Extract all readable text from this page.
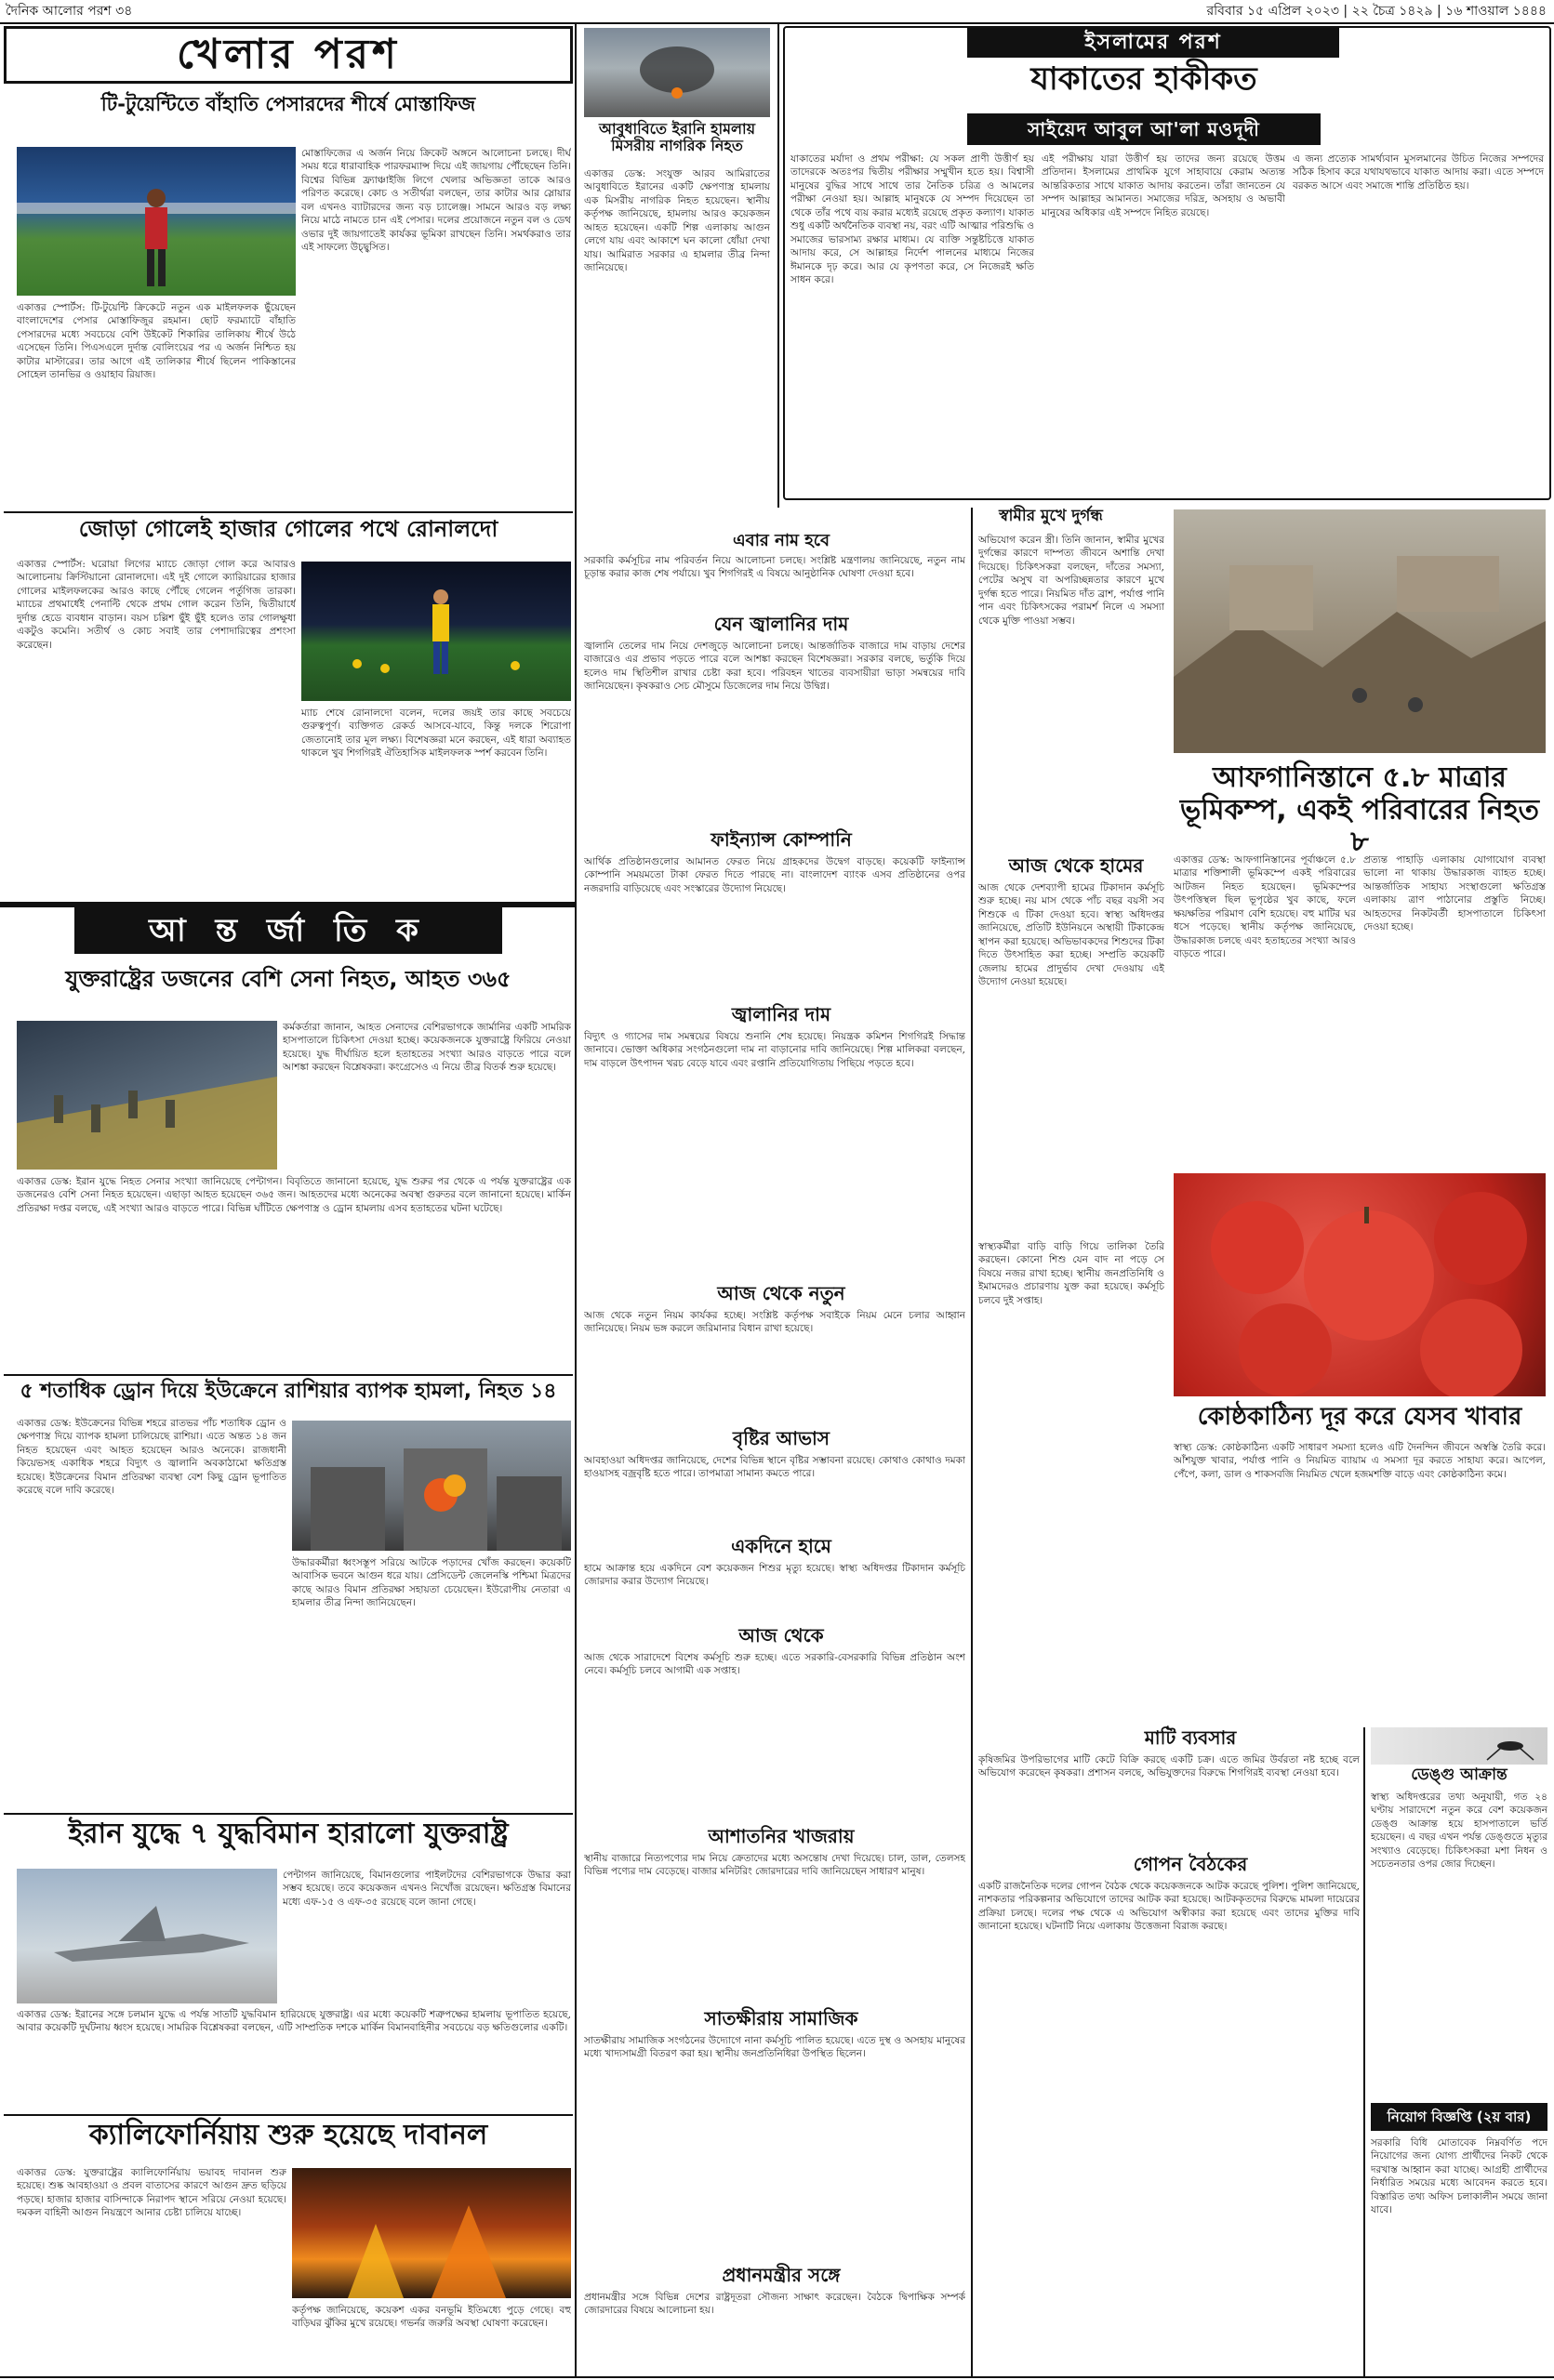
দৈনিক আলোর পরশ ৩৪	রবিবার ১৫ এপ্রিল ২০২৩ | ২২ চৈত্র ১৪২৯ | ১৬ শাওয়াল ১৪৪৪
খেলার পরশ
টি-টুয়েন্টিতে বাঁহাতি পেসারদের শীর্ষে মোস্তাফিজ
একাত্তর স্পোর্টস: টি-টুয়েন্টি ক্রিকেটে নতুন এক মাইলফলক ছুঁয়েছেন বাংলাদেশের পেসার মোস্তাফিজুর রহমান। ছোট ফরম্যাটে বাঁহাতি পেসারদের মধ্যে সবচেয়ে বেশি উইকেট শিকারির তালিকায় শীর্ষে উঠে এসেছেন তিনি। পিএসএলে দুর্দান্ত বোলিংয়ের পর এ অর্জন নিশ্চিত হয় কাটার মাস্টারের। তার আগে এই তালিকার শীর্ষে ছিলেন পাকিস্তানের সোহেল তানভির ও ওয়াহাব রিয়াজ।
মোস্তাফিজের এ অর্জন নিয়ে ক্রিকেট অঙ্গনে আলোচনা চলছে। দীর্ঘ সময় ধরে ধারাবাহিক পারফরম্যান্স দিয়ে এই জায়গায় পৌঁছেছেন তিনি। বিশ্বের বিভিন্ন ফ্র্যাঞ্চাইজি লিগে খেলার অভিজ্ঞতা তাকে আরও পরিণত করেছে। কোচ ও সতীর্থরা বলছেন, তার কাটার আর স্লোয়ার বল এখনও ব্যাটারদের জন্য বড় চ্যালেঞ্জ। সামনে আরও বড় লক্ষ্য নিয়ে মাঠে নামতে চান এই পেসার। দলের প্রয়োজনে নতুন বল ও ডেথ ওভার দুই জায়গাতেই কার্যকর ভূমিকা রাখছেন তিনি। সমর্থকরাও তার এই সাফল্যে উচ্ছ্বসিত।
জোড়া গোলেই হাজার গোলের পথে রোনালদো
একাত্তর স্পোর্টস: ঘরোয়া লিগের ম্যাচে জোড়া গোল করে আবারও আলোচনায় ক্রিস্টিয়ানো রোনালদো। এই দুই গোলে ক্যারিয়ারের হাজার গোলের মাইলফলকের আরও কাছে পৌঁছে গেলেন পর্তুগিজ তারকা। ম্যাচের প্রথমার্ধেই পেনাল্টি থেকে প্রথম গোল করেন তিনি, দ্বিতীয়ার্ধে দুর্দান্ত হেডে ব্যবধান বাড়ান। বয়স চল্লিশ ছুঁই ছুঁই হলেও তার গোলক্ষুধা একটুও কমেনি। সতীর্থ ও কোচ সবাই তার পেশাদারিত্বের প্রশংসা করেছেন।
ম্যাচ শেষে রোনালদো বলেন, দলের জয়ই তার কাছে সবচেয়ে গুরুত্বপূর্ণ। ব্যক্তিগত রেকর্ড আসবে-যাবে, কিন্তু দলকে শিরোপা জেতানোই তার মূল লক্ষ্য। বিশেষজ্ঞরা মনে করছেন, এই ধারা অব্যাহত থাকলে খুব শিগগিরই ঐতিহাসিক মাইলফলক স্পর্শ করবেন তিনি।
আ ন্ত র্জা তি ক
যুক্তরাষ্ট্রের ডজনের বেশি সেনা নিহত, আহত ৩৬৫
কর্মকর্তারা জানান, আহত সেনাদের বেশিরভাগকে জার্মানির একটি সামরিক হাসপাতালে চিকিৎসা দেওয়া হচ্ছে। কয়েকজনকে যুক্তরাষ্ট্রে ফিরিয়ে নেওয়া হয়েছে। যুদ্ধ দীর্ঘায়িত হলে হতাহতের সংখ্যা আরও বাড়তে পারে বলে আশঙ্কা করছেন বিশ্লেষকরা। কংগ্রেসেও এ নিয়ে তীব্র বিতর্ক শুরু হয়েছে।
একাত্তর ডেস্ক: ইরান যুদ্ধে নিহত সেনার সংখ্যা জানিয়েছে পেন্টাগন। বিবৃতিতে জানানো হয়েছে, যুদ্ধ শুরুর পর থেকে এ পর্যন্ত যুক্তরাষ্ট্রের এক ডজনেরও বেশি সেনা নিহত হয়েছেন। এছাড়া আহত হয়েছেন ৩৬৫ জন। আহতদের মধ্যে অনেকের অবস্থা গুরুতর বলে জানানো হয়েছে। মার্কিন প্রতিরক্ষা দপ্তর বলছে, এই সংখ্যা আরও বাড়তে পারে। বিভিন্ন ঘাঁটিতে ক্ষেপণাস্ত্র ও ড্রোন হামলায় এসব হতাহতের ঘটনা ঘটেছে।
৫ শতাধিক ড্রোন দিয়ে ইউক্রেনে রাশিয়ার ব্যাপক হামলা, নিহত ১৪
একাত্তর ডেস্ক: ইউক্রেনের বিভিন্ন শহরে রাতভর পাঁচ শতাধিক ড্রোন ও ক্ষেপণাস্ত্র দিয়ে ব্যাপক হামলা চালিয়েছে রাশিয়া। এতে অন্তত ১৪ জন নিহত হয়েছেন এবং আহত হয়েছেন আরও অনেকে। রাজধানী কিয়েভসহ একাধিক শহরে বিদ্যুৎ ও জ্বালানি অবকাঠামো ক্ষতিগ্রস্ত হয়েছে। ইউক্রেনের বিমান প্রতিরক্ষা ব্যবস্থা বেশ কিছু ড্রোন ভূপাতিত করেছে বলে দাবি করেছে।
উদ্ধারকর্মীরা ধ্বংসস্তূপ সরিয়ে আটকে পড়াদের খোঁজ করছেন। কয়েকটি আবাসিক ভবনে আগুন ধরে যায়। প্রেসিডেন্ট জেলেনস্কি পশ্চিমা মিত্রদের কাছে আরও বিমান প্রতিরক্ষা সহায়তা চেয়েছেন। ইউরোপীয় নেতারা এ হামলার তীব্র নিন্দা জানিয়েছেন।
ইরান যুদ্ধে ৭ যুদ্ধবিমান হারালো যুক্তরাষ্ট্র
পেন্টাগন জানিয়েছে, বিমানগুলোর পাইলটদের বেশিরভাগকে উদ্ধার করা সম্ভব হয়েছে। তবে কয়েকজন এখনও নিখোঁজ রয়েছেন। ক্ষতিগ্রস্ত বিমানের মধ্যে এফ-১৫ ও এফ-৩৫ রয়েছে বলে জানা গেছে।
একাত্তর ডেস্ক: ইরানের সঙ্গে চলমান যুদ্ধে এ পর্যন্ত সাতটি যুদ্ধবিমান হারিয়েছে যুক্তরাষ্ট্র। এর মধ্যে কয়েকটি শত্রুপক্ষের হামলায় ভূপাতিত হয়েছে, আবার কয়েকটি দুর্ঘটনায় ধ্বংস হয়েছে। সামরিক বিশ্লেষকরা বলছেন, এটি সাম্প্রতিক দশকে মার্কিন বিমানবাহিনীর সবচেয়ে বড় ক্ষতিগুলোর একটি।
ক্যালিফোর্নিয়ায় শুরু হয়েছে দাবানল
একাত্তর ডেস্ক: যুক্তরাষ্ট্রের ক্যালিফোর্নিয়ায় ভয়াবহ দাবানল শুরু হয়েছে। শুষ্ক আবহাওয়া ও প্রবল বাতাসের কারণে আগুন দ্রুত ছড়িয়ে পড়ছে। হাজার হাজার বাসিন্দাকে নিরাপদ স্থানে সরিয়ে নেওয়া হয়েছে। দমকল বাহিনী আগুন নিয়ন্ত্রণে আনার চেষ্টা চালিয়ে যাচ্ছে।
কর্তৃপক্ষ জানিয়েছে, কয়েকশ একর বনভূমি ইতিমধ্যে পুড়ে গেছে। বহু বাড়িঘর ঝুঁকির মুখে রয়েছে। গভর্নর জরুরি অবস্থা ঘোষণা করেছেন।
আবুধাবিতে ইরানি হামলায় মিসরীয় নাগরিক নিহত
একাত্তর ডেস্ক: সংযুক্ত আরব আমিরাতের আবুধাবিতে ইরানের একটি ক্ষেপণাস্ত্র হামলায় এক মিসরীয় নাগরিক নিহত হয়েছেন। স্থানীয় কর্তৃপক্ষ জানিয়েছে, হামলায় আরও কয়েকজন আহত হয়েছেন। একটি শিল্প এলাকায় আগুন লেগে যায় এবং আকাশে ঘন কালো ধোঁয়া দেখা যায়। আমিরাত সরকার এ হামলার তীব্র নিন্দা জানিয়েছে।
ইসলামের পরশ
যাকাতের হাকীকত
সাইয়েদ আবুল আ'লা মওদূদী
যাকাতের মর্যাদা ও প্রথম পরীক্ষা: যে সকল প্রাণী উত্তীর্ণ হয় তাদেরকে অতঃপর দ্বিতীয় পরীক্ষার সম্মুখীন হতে হয়। বিশ্বাসী মানুষের বুদ্ধির সাথে সাথে তার নৈতিক চরিত্র ও আমলের পরীক্ষা নেওয়া হয়। আল্লাহ মানুষকে যে সম্পদ দিয়েছেন তা থেকে তাঁর পথে ব্যয় করার মধ্যেই রয়েছে প্রকৃত কল্যাণ। যাকাত শুধু একটি অর্থনৈতিক ব্যবস্থা নয়, বরং এটি আত্মার পরিশুদ্ধি ও সমাজের ভারসাম্য রক্ষার মাধ্যম। যে ব্যক্তি সন্তুষ্টচিত্তে যাকাত আদায় করে, সে আল্লাহর নির্দেশ পালনের মাধ্যমে নিজের ঈমানকে দৃঢ় করে। আর যে কৃপণতা করে, সে নিজেরই ক্ষতি সাধন করে।
এই পরীক্ষায় যারা উত্তীর্ণ হয় তাদের জন্য রয়েছে উত্তম প্রতিদান। ইসলামের প্রাথমিক যুগে সাহাবায়ে কেরাম অত্যন্ত আন্তরিকতার সাথে যাকাত আদায় করতেন। তাঁরা জানতেন যে সম্পদ আল্লাহর আমানত। সমাজের দরিদ্র, অসহায় ও অভাবী মানুষের অধিকার এই সম্পদে নিহিত রয়েছে।
এ জন্য প্রত্যেক সামর্থ্যবান মুসলমানের উচিত নিজের সম্পদের সঠিক হিসাব করে যথাযথভাবে যাকাত আদায় করা। এতে সম্পদে বরকত আসে এবং সমাজে শান্তি প্রতিষ্ঠিত হয়।
স্বামীর মুখে দুর্গন্ধ
এবার নাম হবে
সরকারি কর্মসূচির নাম পরিবর্তন নিয়ে আলোচনা চলছে। সংশ্লিষ্ট মন্ত্রণালয় জানিয়েছে, নতুন নাম চূড়ান্ত করার কাজ শেষ পর্যায়ে। খুব শিগগিরই এ বিষয়ে আনুষ্ঠানিক ঘোষণা দেওয়া হবে।
যেন জ্বালানির দাম
জ্বালানি তেলের দাম নিয়ে দেশজুড়ে আলোচনা চলছে। আন্তর্জাতিক বাজারে দাম বাড়ায় দেশের বাজারেও এর প্রভাব পড়তে পারে বলে আশঙ্কা করছেন বিশেষজ্ঞরা। সরকার বলছে, ভর্তুকি দিয়ে হলেও দাম স্থিতিশীল রাখার চেষ্টা করা হবে। পরিবহন খাতের ব্যবসায়ীরা ভাড়া সমন্বয়ের দাবি জানিয়েছেন। কৃষকরাও সেচ মৌসুমে ডিজেলের দাম নিয়ে উদ্বিগ্ন।
ফাইন্যান্স কোম্পানি
আর্থিক প্রতিষ্ঠানগুলোর আমানত ফেরত নিয়ে গ্রাহকদের উদ্বেগ বাড়ছে। কয়েকটি ফাইন্যান্স কোম্পানি সময়মতো টাকা ফেরত দিতে পারছে না। বাংলাদেশ ব্যাংক এসব প্রতিষ্ঠানের ওপর নজরদারি বাড়িয়েছে এবং সংস্কারের উদ্যোগ নিয়েছে।
জ্বালানির দাম
বিদ্যুৎ ও গ্যাসের দাম সমন্বয়ের বিষয়ে শুনানি শেষ হয়েছে। নিয়ন্ত্রক কমিশন শিগগিরই সিদ্ধান্ত জানাবে। ভোক্তা অধিকার সংগঠনগুলো দাম না বাড়ানোর দাবি জানিয়েছে। শিল্প মালিকরা বলছেন, দাম বাড়লে উৎপাদন খরচ বেড়ে যাবে এবং রপ্তানি প্রতিযোগিতায় পিছিয়ে পড়তে হবে।
আজ থেকে নতুন
আজ থেকে নতুন নিয়ম কার্যকর হচ্ছে। সংশ্লিষ্ট কর্তৃপক্ষ সবাইকে নিয়ম মেনে চলার আহ্বান জানিয়েছে। নিয়ম ভঙ্গ করলে জরিমানার বিধান রাখা হয়েছে।
বৃষ্টির আভাস
আবহাওয়া অধিদপ্তর জানিয়েছে, দেশের বিভিন্ন স্থানে বৃষ্টির সম্ভাবনা রয়েছে। কোথাও কোথাও দমকা হাওয়াসহ বজ্রবৃষ্টি হতে পারে। তাপমাত্রা সামান্য কমতে পারে।
একদিনে হামে
হামে আক্রান্ত হয়ে একদিনে বেশ কয়েকজন শিশুর মৃত্যু হয়েছে। স্বাস্থ্য অধিদপ্তর টিকাদান কর্মসূচি জোরদার করার উদ্যোগ নিয়েছে।
আজ থেকে
আজ থেকে সারাদেশে বিশেষ কর্মসূচি শুরু হচ্ছে। এতে সরকারি-বেসরকারি বিভিন্ন প্রতিষ্ঠান অংশ নেবে। কর্মসূচি চলবে আগামী এক সপ্তাহ।
আশাতনির খাজরায়
স্থানীয় বাজারে নিত্যপণ্যের দাম নিয়ে ক্রেতাদের মধ্যে অসন্তোষ দেখা দিয়েছে। চাল, ডাল, তেলসহ বিভিন্ন পণ্যের দাম বেড়েছে। বাজার মনিটরিং জোরদারের দাবি জানিয়েছেন সাধারণ মানুষ।
সাতক্ষীরায় সামাজিক
সাতক্ষীরায় সামাজিক সংগঠনের উদ্যোগে নানা কর্মসূচি পালিত হয়েছে। এতে দুস্থ ও অসহায় মানুষের মধ্যে খাদ্যসামগ্রী বিতরণ করা হয়। স্থানীয় জনপ্রতিনিধিরা উপস্থিত ছিলেন।
প্রধানমন্ত্রীর সঙ্গে
প্রধানমন্ত্রীর সঙ্গে বিভিন্ন দেশের রাষ্ট্রদূতরা সৌজন্য সাক্ষাৎ করেছেন। বৈঠকে দ্বিপাক্ষিক সম্পর্ক জোরদারের বিষয়ে আলোচনা হয়।
অভিযোগ করেন স্ত্রী। তিনি জানান, স্বামীর মুখের দুর্গন্ধের কারণে দাম্পত্য জীবনে অশান্তি দেখা দিয়েছে। চিকিৎসকরা বলছেন, দাঁতের সমস্যা, পেটের অসুখ বা অপরিচ্ছন্নতার কারণে মুখে দুর্গন্ধ হতে পারে। নিয়মিত দাঁত ব্রাশ, পর্যাপ্ত পানি পান এবং চিকিৎসকের পরামর্শ নিলে এ সমস্যা থেকে মুক্তি পাওয়া সম্ভব।
আফগানিস্তানে ৫.৮ মাত্রার ভূমিকম্প, একই পরিবারের নিহত ৮
আজ থেকে হামের
আজ থেকে দেশব্যাপী হামের টিকাদান কর্মসূচি শুরু হচ্ছে। নয় মাস থেকে পাঁচ বছর বয়সী সব শিশুকে এ টিকা দেওয়া হবে। স্বাস্থ্য অধিদপ্তর জানিয়েছে, প্রতিটি ইউনিয়নে অস্থায়ী টিকাকেন্দ্র স্থাপন করা হয়েছে। অভিভাবকদের শিশুদের টিকা দিতে উৎসাহিত করা হচ্ছে। সম্প্রতি কয়েকটি জেলায় হামের প্রাদুর্ভাব দেখা দেওয়ায় এই উদ্যোগ নেওয়া হয়েছে।
স্বাস্থ্যকর্মীরা বাড়ি বাড়ি গিয়ে তালিকা তৈরি করছেন। কোনো শিশু যেন বাদ না পড়ে সে বিষয়ে নজর রাখা হচ্ছে। স্থানীয় জনপ্রতিনিধি ও ইমামদেরও প্রচারণায় যুক্ত করা হয়েছে। কর্মসূচি চলবে দুই সপ্তাহ।
একাত্তর ডেস্ক: আফগানিস্তানের পূর্বাঞ্চলে ৫.৮ মাত্রার শক্তিশালী ভূমিকম্পে একই পরিবারের আটজন নিহত হয়েছেন। ভূমিকম্পের উৎপত্তিস্থল ছিল ভূপৃষ্ঠের খুব কাছে, ফলে ক্ষয়ক্ষতির পরিমাণ বেশি হয়েছে। বহু মাটির ঘর ধসে পড়েছে। স্থানীয় কর্তৃপক্ষ জানিয়েছে, উদ্ধারকাজ চলছে এবং হতাহতের সংখ্যা আরও বাড়তে পারে।
প্রত্যন্ত পাহাড়ি এলাকায় যোগাযোগ ব্যবস্থা ভালো না থাকায় উদ্ধারকাজ ব্যাহত হচ্ছে। আন্তর্জাতিক সাহায্য সংস্থাগুলো ক্ষতিগ্রস্ত এলাকায় ত্রাণ পাঠানোর প্রস্তুতি নিচ্ছে। আহতদের নিকটবর্তী হাসপাতালে চিকিৎসা দেওয়া হচ্ছে।
কোষ্ঠকাঠিন্য দূর করে যেসব খাবার
স্বাস্থ্য ডেস্ক: কোষ্ঠকাঠিন্য একটি সাধারণ সমস্যা হলেও এটি দৈনন্দিন জীবনে অস্বস্তি তৈরি করে। আঁশযুক্ত খাবার, পর্যাপ্ত পানি ও নিয়মিত ব্যায়াম এ সমস্যা দূর করতে সাহায্য করে। আপেল, পেঁপে, কলা, ডাল ও শাকসবজি নিয়মিত খেলে হজমশক্তি বাড়ে এবং কোষ্ঠকাঠিন্য কমে।
মাটি ব্যবসার
কৃষিজমির উপরিভাগের মাটি কেটে বিক্রি করছে একটি চক্র। এতে জমির উর্বরতা নষ্ট হচ্ছে বলে অভিযোগ করেছেন কৃষকরা। প্রশাসন বলছে, অভিযুক্তদের বিরুদ্ধে শিগগিরই ব্যবস্থা নেওয়া হবে।
গোপন বৈঠকের
একটি রাজনৈতিক দলের গোপন বৈঠক থেকে কয়েকজনকে আটক করেছে পুলিশ। পুলিশ জানিয়েছে, নাশকতার পরিকল্পনার অভিযোগে তাদের আটক করা হয়েছে। আটককৃতদের বিরুদ্ধে মামলা দায়েরের প্রক্রিয়া চলছে। দলের পক্ষ থেকে এ অভিযোগ অস্বীকার করা হয়েছে এবং তাদের মুক্তির দাবি জানানো হয়েছে। ঘটনাটি নিয়ে এলাকায় উত্তেজনা বিরাজ করছে।
ডেঙ্গু আক্রান্ত
স্বাস্থ্য অধিদপ্তরের তথ্য অনুযায়ী, গত ২৪ ঘণ্টায় সারাদেশে নতুন করে বেশ কয়েকজন ডেঙ্গু আক্রান্ত হয়ে হাসপাতালে ভর্তি হয়েছেন। এ বছর এখন পর্যন্ত ডেঙ্গুতে মৃত্যুর সংখ্যাও বেড়েছে। চিকিৎসকরা মশা নিধন ও সচেতনতার ওপর জোর দিচ্ছেন।
নিয়োগ বিজ্ঞপ্তি (২য় বার)
সরকারি বিধি মোতাবেক নিম্নবর্ণিত পদে নিয়োগের জন্য যোগ্য প্রার্থীদের নিকট থেকে দরখাস্ত আহ্বান করা যাচ্ছে। আগ্রহী প্রার্থীদের নির্ধারিত সময়ের মধ্যে আবেদন করতে হবে। বিস্তারিত তথ্য অফিস চলাকালীন সময়ে জানা যাবে।
